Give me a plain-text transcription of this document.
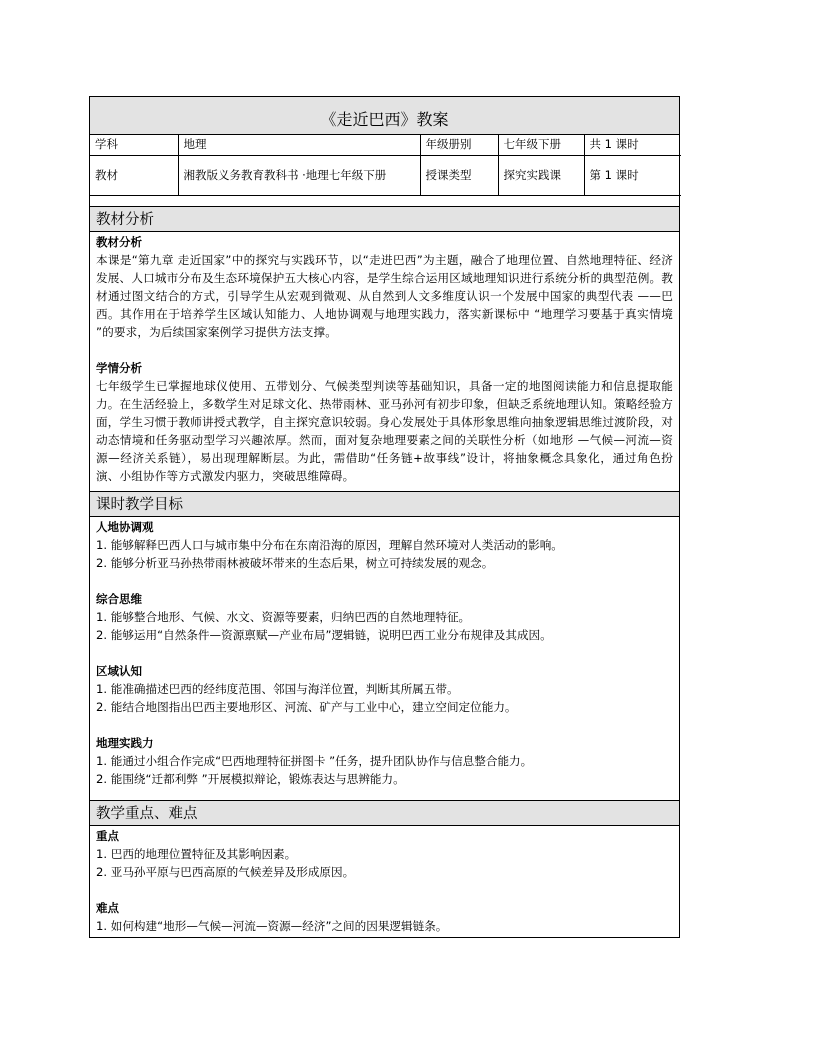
《走近巴西》教案
学科	地理	年级册别	七年级下册	共 1 课时
教材	湘教版义务教育教科书 ·地理七年级下册	授课类型	探究实践课	第 1 课时
教材分析
教材分析
本课是“第九章 走近国家”中的探究与实践环节，以“走进巴西”为主题，融合了地理位置、自然地理特征、经济发展、人口城市分布及生态环境保护五大核心内容，是学生综合运用区域地理知识进行系统分析的典型范例。教材通过图文结合的方式，引导学生从宏观到微观、从自然到人文多维度认识一个发展中国家的典型代表 ——巴西。其作用在于培养学生区域认知能力、人地协调观与地理实践力，落实新课标中 “地理学习要基于真实情境 ”的要求，为后续国家案例学习提供方法支撑。
学情分析
七年级学生已掌握地球仪使用、五带划分、气候类型判读等基础知识，具备一定的地图阅读能力和信息提取能力。在生活经验上，多数学生对足球文化、热带雨林、亚马孙河有初步印象，但缺乏系统地理认知。策略经验方面，学生习惯于教师讲授式教学，自主探究意识较弱。身心发展处于具体形象思维向抽象逻辑思维过渡阶段，对动态情境和任务驱动型学习兴趣浓厚。然而，面对复杂地理要素之间的关联性分析（如地形 —气候—河流—资源—经济关系链），易出现理解断层。为此，需借助“任务链+故事线”设计，将抽象概念具象化，通过角色扮演、小组协作等方式激发内驱力，突破思维障碍。
课时教学目标
人地协调观
1. 能够解释巴西人口与城市集中分布在东南沿海的原因，理解自然环境对人类活动的影响。
2. 能够分析亚马孙热带雨林被破坏带来的生态后果，树立可持续发展的观念。
综合思维
1. 能够整合地形、气候、水文、资源等要素，归纳巴西的自然地理特征。
2. 能够运用“自然条件—资源禀赋—产业布局”逻辑链，说明巴西工业分布规律及其成因。
区域认知
1. 能准确描述巴西的经纬度范围、邻国与海洋位置，判断其所属五带。
2. 能结合地图指出巴西主要地形区、河流、矿产与工业中心，建立空间定位能力。
地理实践力
1. 能通过小组合作完成“巴西地理特征拼图卡 ”任务，提升团队协作与信息整合能力。
2. 能围绕“迁都利弊 ”开展模拟辩论，锻炼表达与思辨能力。
教学重点、难点
重点
1. 巴西的地理位置特征及其影响因素。
2. 亚马孙平原与巴西高原的气候差异及形成原因。
难点
1. 如何构建“地形—气候—河流—资源—经济”之间的因果逻辑链条。
